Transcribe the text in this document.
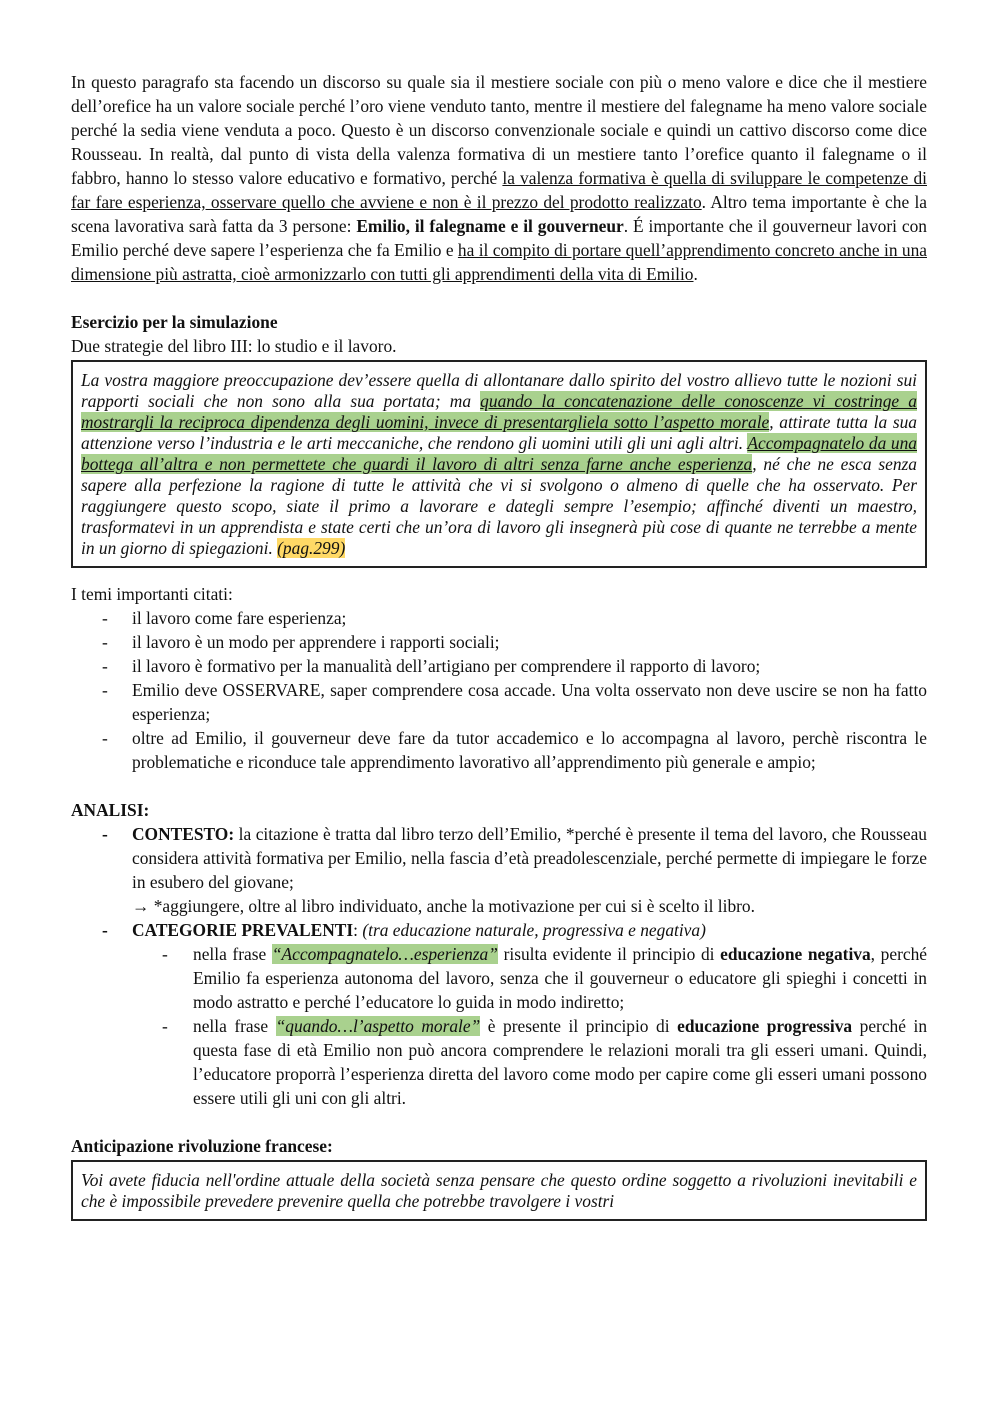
In questo paragrafo sta facendo un discorso su quale sia il mestiere sociale con più o meno valore e dice che il mestiere dell’orefice ha un valore sociale perché l’oro viene venduto tanto, mentre il mestiere del falegname ha meno valore sociale perché la sedia viene venduta a poco. Questo è un discorso convenzionale sociale e quindi un cattivo discorso come dice Rousseau. In realtà, dal punto di vista della valenza formativa di un mestiere tanto l’orefice quanto il falegname o il fabbro, hanno lo stesso valore educativo e formativo, perché la valenza formativa è quella di sviluppare le competenze di far fare esperienza, osservare quello che avviene e non è il prezzo del prodotto realizzato. Altro tema importante è che la scena lavorativa sarà fatta da 3 persone: Emilio, il falegname e il gouverneur. É importante che il gouverneur lavori con Emilio perché deve sapere l’esperienza che fa Emilio e ha il compito di portare quell’apprendimento concreto anche in una dimensione più astratta, cioè armonizzarlo con tutti gli apprendimenti della vita di Emilio.

Esercizio per la simulazione

Due strategie del libro III: lo studio e il lavoro.

La vostra maggiore preoccupazione dev’essere quella di allontanare dallo spirito del vostro allievo tutte le nozioni sui rapporti sociali che non sono alla sua portata; ma quando la concatenazione delle conoscenze vi costringe a mostrargli la reciproca dipendenza degli uomini, invece di presentargliela sotto l’aspetto morale, attirate tutta la sua attenzione verso l’industria e le arti meccaniche, che rendono gli uomini utili gli uni agli altri. Accompagnatelo da una bottega all’altra e non permettete che guardi il lavoro di altri senza farne anche esperienza, né che ne esca senza sapere alla perfezione la ragione di tutte le attività che vi si svolgono o almeno di quelle che ha osservato. Per raggiungere questo scopo, siate il primo a lavorare e dategli sempre l’esempio; affinché diventi un maestro, trasformatevi in un apprendista e state certi che un’ora di lavoro gli insegnerà più cose di quante ne terrebbe a mente in un giorno di spiegazioni. (pag.299)

I temi importanti citati:

- il lavoro come fare esperienza;
- il lavoro è un modo per apprendere i rapporti sociali;
- il lavoro è formativo per la manualità dell’artigiano per comprendere il rapporto di lavoro;
- Emilio deve OSSERVARE, saper comprendere cosa accade. Una volta osservato non deve uscire se non ha fatto esperienza;
- oltre ad Emilio, il gouverneur deve fare da tutor accademico e lo accompagna al lavoro, perchè riscontra le problematiche e riconduce tale apprendimento lavorativo all’apprendimento più generale e ampio;

ANALISI:

- CONTESTO: la citazione è tratta dal libro terzo dell’Emilio, *perché è presente il tema del lavoro, che Rousseau considera attività formativa per Emilio, nella fascia d’età preadolescenziale, perché permette di impiegare le forze in esubero del giovane;
→ *aggiungere, oltre al libro individuato, anche la motivazione per cui si è scelto il libro.
- CATEGORIE PREVALENTI: (tra educazione naturale, progressiva e negativa)
- nella frase “Accompagnatelo…esperienza” risulta evidente il principio di educazione negativa, perché Emilio fa esperienza autonoma del lavoro, senza che il gouverneur o educatore gli spieghi i concetti in modo astratto e perché l’educatore lo guida in modo indiretto;
- nella frase “quando…l’aspetto morale” è presente il principio di educazione progressiva perché in questa fase di età Emilio non può ancora comprendere le relazioni morali tra gli esseri umani. Quindi, l’educatore proporrà l’esperienza diretta del lavoro come modo per capire come gli esseri umani possono essere utili gli uni con gli altri.

Anticipazione rivoluzione francese:

Voi avete fiducia nell'ordine attuale della società senza pensare che questo ordine soggetto a rivoluzioni inevitabili e che è impossibile prevedere prevenire quella che potrebbe travolgere i vostri
